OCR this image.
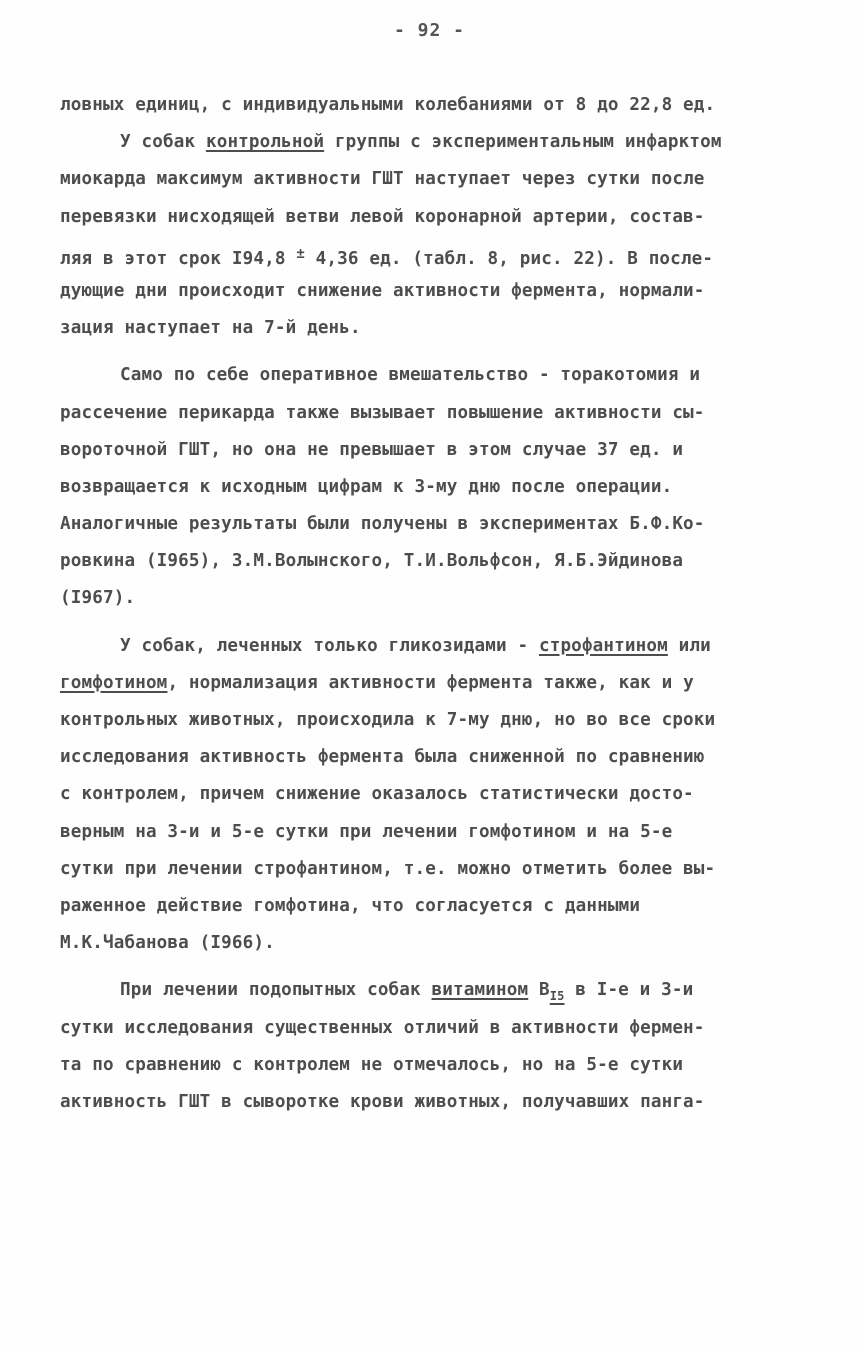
- 92 -
ловных единиц, с индивидуальными колебаниями от 8 до 22,8 ед.
У собак контрольной группы с экспериментальным инфарктом
миокарда максимум активности ГШТ наступает через сутки после
перевязки нисходящей ветви левой коронарной артерии, состав-
ляя в этот срок I94,8 ± 4,36 ед. (табл. 8, рис. 22). В после-
дующие дни происходит снижение активности фермента, нормали-
зация наступает на 7-й день.
Само по себе оперативное вмешательство - торакотомия и
рассечение перикарда также вызывает повышение активности сы-
вороточной ГШТ, но она не превышает в этом случае 37 ед. и
возвращается к исходным цифрам к 3-му дню после операции.
Аналогичные результаты были получены в экспериментах Б.Ф.Ко-
ровкина (I965), З.М.Волынского, Т.И.Вольфсон, Я.Б.Эйдинова
(I967).
У собак, леченных только гликозидами - строфантином или
гомфотином, нормализация активности фермента также, как и у
контрольных животных, происходила к 7-му дню, но во все сроки
исследования активность фермента была сниженной по сравнению
с контролем, причем снижение оказалось статистически досто-
верным на 3-и и 5-е сутки при лечении гомфотином и на 5-е
сутки при лечении строфантином, т.е. можно отметить более вы-
раженное действие гомфотина, что согласуется с данными
М.К.Чабанова (I966).
При лечении подопытных собак витамином $B_{I5}$ в I-е и 3-и
сутки исследования существенных отличий в активности фермен-
та по сравнению с контролем не отмечалось, но на 5-е сутки
активность ГШТ в сыворотке крови животных, получавших панга-
